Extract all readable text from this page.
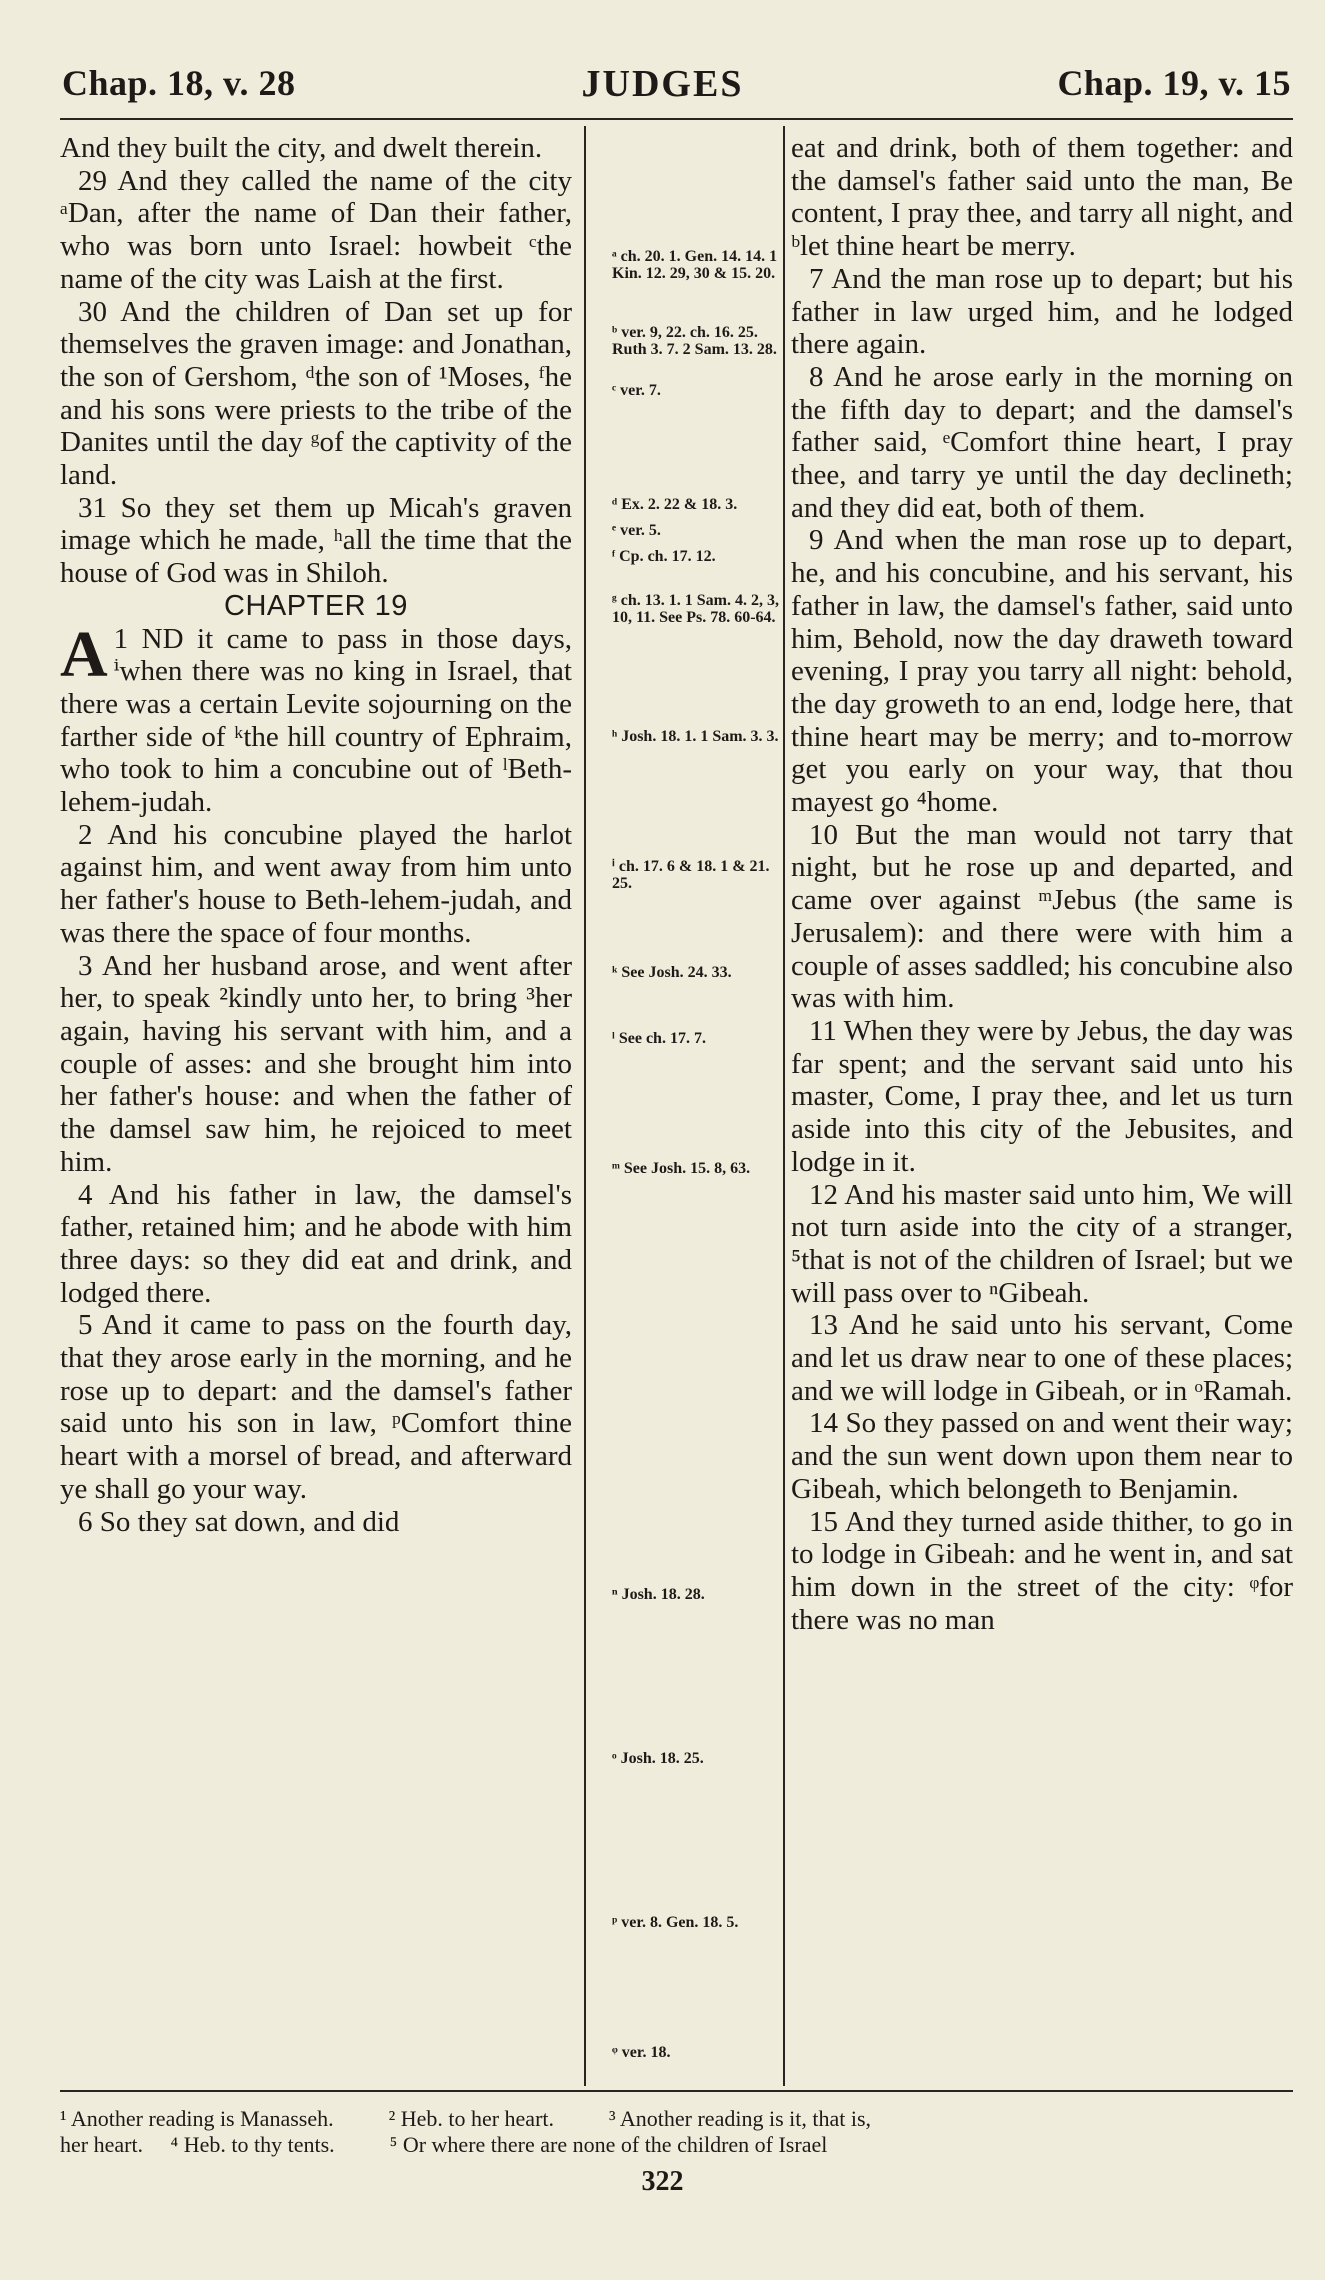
Chap. 18, v. 28	JUDGES	Chap. 19, v. 15

And they built the city, and dwelt therein.

29 And they called the name of the city ᵃDan, after the name of Dan their father, who was born unto Israel: howbeit ᶜthe name of the city was Laish at the first.

30 And the children of Dan set up for themselves the graven image: and Jonathan, the son of Gershom, ᵈthe son of ¹Moses, ᶠhe and his sons were priests to the tribe of the Danites until the day ᵍof the captivity of the land.

31 So they set them up Micah's graven image which he made, ʰall the time that the house of God was in Shiloh.

CHAPTER 19

A 1 ND it came to pass in those days, ⁱwhen there was no king in Israel, that there was a certain Levite sojourning on the farther side of ᵏthe hill country of Ephraim, who took to him a concubine out of ˡBeth-lehem-judah.

2 And his concubine played the harlot against him, and went away from him unto her father's house to Beth-lehem-judah, and was there the space of four months.

3 And her husband arose, and went after her, to speak ²kindly unto her, to bring ³her again, having his servant with him, and a couple of asses: and she brought him into her father's house: and when the father of the damsel saw him, he rejoiced to meet him.

4 And his father in law, the damsel's father, retained him; and he abode with him three days: so they did eat and drink, and lodged there.

5 And it came to pass on the fourth day, that they arose early in the morning, and he rose up to depart: and the damsel's father said unto his son in law, ᵖComfort thine heart with a morsel of bread, and afterward ye shall go your way.

6 So they sat down, and did

ᵃ ch. 20. 1. Gen. 14. 14. 1 Kin. 12. 29, 30 & 15. 20.
ᵇ ver. 9, 22. ch. 16. 25. Ruth 3. 7. 2 Sam. 13. 28.
ᶜ ver. 7.
ᵈ Ex. 2. 22 & 18. 3.
ᵉ ver. 5.
ᶠ Cp. ch. 17. 12.
ᵍ ch. 13. 1. 1 Sam. 4. 2, 3, 10, 11. See Ps. 78. 60-64.
ʰ Josh. 18. 1. 1 Sam. 3. 3.
ⁱ ch. 17. 6 & 18. 1 & 21. 25.
ᵏ See Josh. 24. 33.
ˡ See ch. 17. 7.
ᵐ See Josh. 15. 8, 63.
ⁿ Josh. 18. 28.
ᵒ Josh. 18. 25.
ᵖ ver. 8. Gen. 18. 5.
ᵠ ver. 18.

eat and drink, both of them together: and the damsel's father said unto the man, Be content, I pray thee, and tarry all night, and ᵇlet thine heart be merry.

7 And the man rose up to depart; but his father in law urged him, and he lodged there again.

8 And he arose early in the morning on the fifth day to depart; and the damsel's father said, ᵉComfort thine heart, I pray thee, and tarry ye until the day declineth; and they did eat, both of them.

9 And when the man rose up to depart, he, and his concubine, and his servant, his father in law, the damsel's father, said unto him, Behold, now the day draweth toward evening, I pray you tarry all night: behold, the day groweth to an end, lodge here, that thine heart may be merry; and to-morrow get you early on your way, that thou mayest go ⁴home.

10 But the man would not tarry that night, but he rose up and departed, and came over against ᵐJebus (the same is Jerusalem): and there were with him a couple of asses saddled; his concubine also was with him.

11 When they were by Jebus, the day was far spent; and the servant said unto his master, Come, I pray thee, and let us turn aside into this city of the Jebusites, and lodge in it.

12 And his master said unto him, We will not turn aside into the city of a stranger, ⁵that is not of the children of Israel; but we will pass over to ⁿGibeah.

13 And he said unto his servant, Come and let us draw near to one of these places; and we will lodge in Gibeah, or in ᵒRamah.

14 So they passed on and went their way; and the sun went down upon them near to Gibeah, which belongeth to Benjamin.

15 And they turned aside thither, to go in to lodge in Gibeah: and he went in, and sat him down in the street of the city: ᵠfor there was no man

¹ Another reading is Manasseh.          ² Heb. to her heart.          ³ Another reading is it, that is,
her heart.     ⁴ Heb. to thy tents.          ⁵ Or where there are none of the children of Israel
322
